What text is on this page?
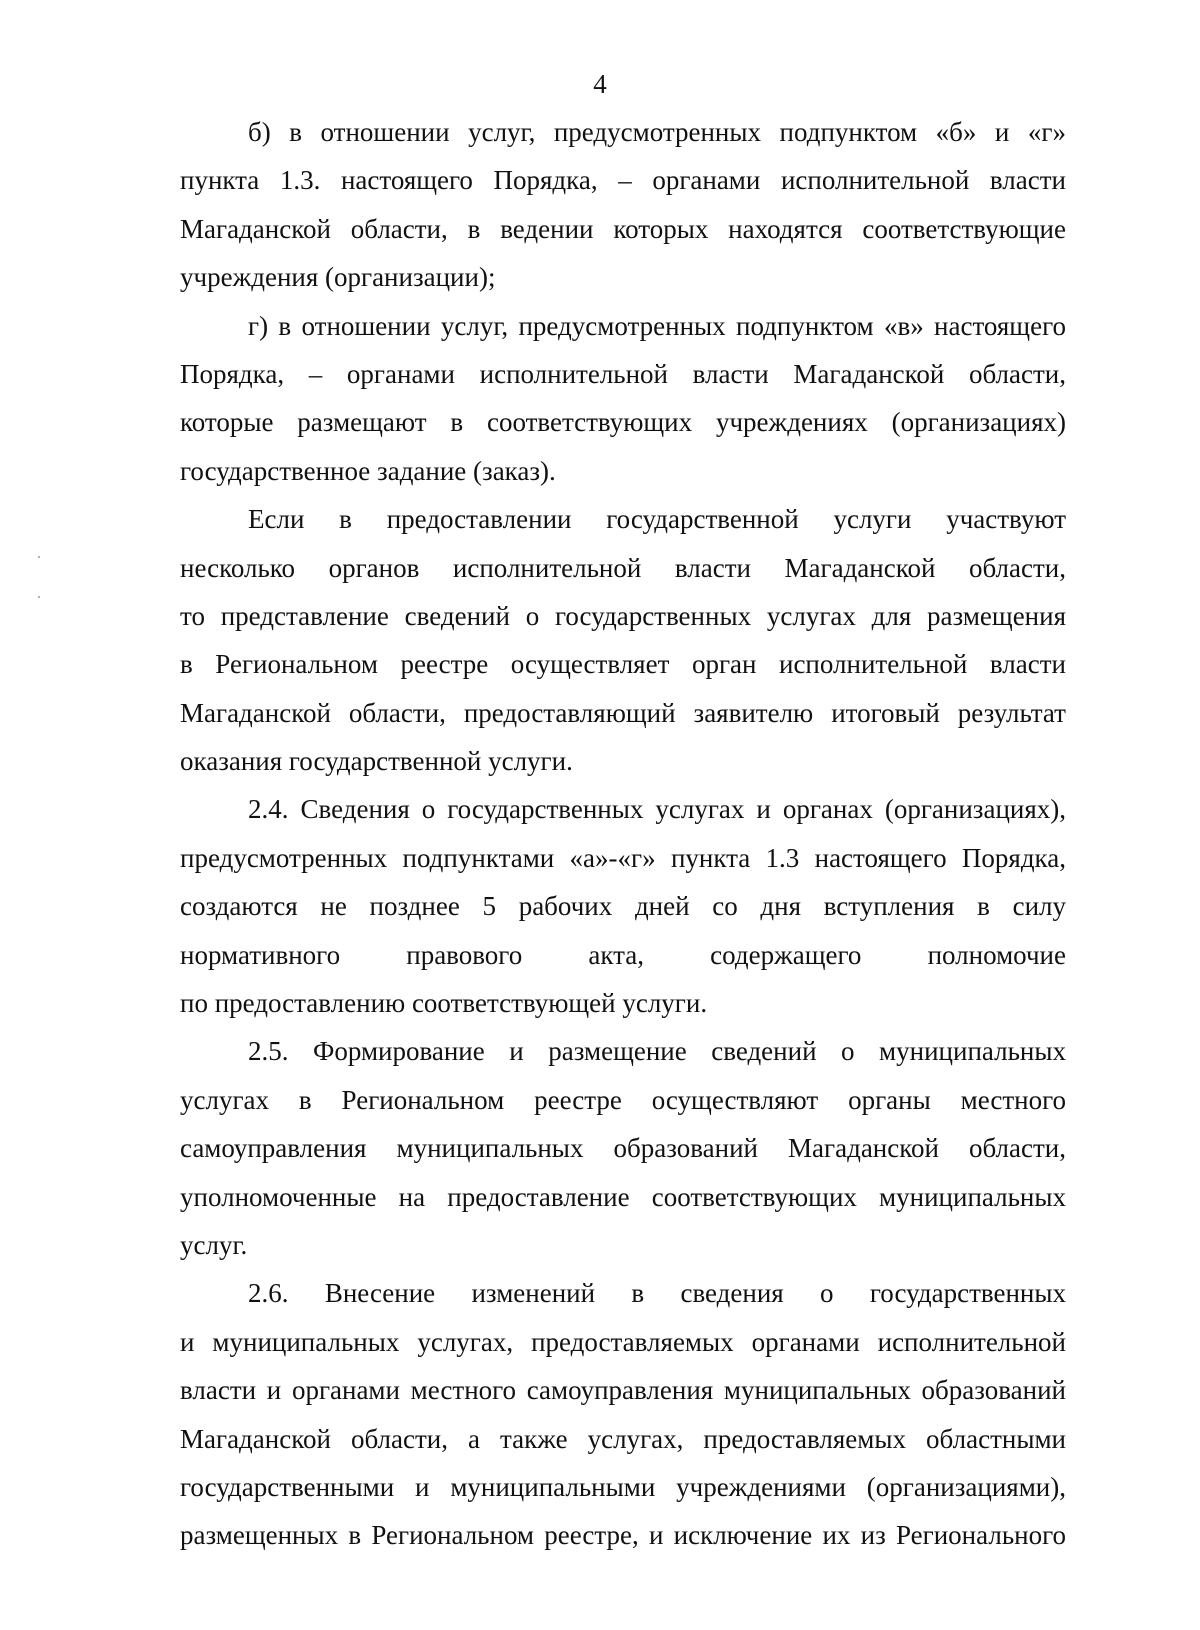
4
б) в отношении услуг, предусмотренных подпунктом «б» и «г»
пункта 1.3. настоящего Порядка, – органами исполнительной власти
Магаданской области, в ведении которых находятся соответствующие
учреждения (организации);
г) в отношении услуг, предусмотренных подпунктом «в» настоящего
Порядка, – органами исполнительной власти Магаданской области,
которые размещают в соответствующих учреждениях (организациях)
государственное задание (заказ).
Если в предоставлении государственной услуги участвуют
несколько органов исполнительной власти Магаданской области,
то представление сведений о государственных услугах для размещения
в Региональном реестре осуществляет орган исполнительной власти
Магаданской области, предоставляющий заявителю итоговый результат
оказания государственной услуги.
2.4. Сведения о государственных услугах и органах (организациях),
предусмотренных подпунктами «а»-«г» пункта 1.3 настоящего Порядка,
создаются не позднее 5 рабочих дней со дня вступления в силу
нормативного правового акта, содержащего полномочие
по предоставлению соответствующей услуги.
2.5. Формирование и размещение сведений о муниципальных
услугах в Региональном реестре осуществляют органы местного
самоуправления муниципальных образований Магаданской области,
уполномоченные на предоставление соответствующих муниципальных
услуг.
2.6. Внесение изменений в сведения о государственных
и муниципальных услугах, предоставляемых органами исполнительной
власти и органами местного самоуправления муниципальных образований
Магаданской области, а также услугах, предоставляемых областными
государственными и муниципальными учреждениями (организациями),
размещенных в Региональном реестре, и исключение их из Регионального
